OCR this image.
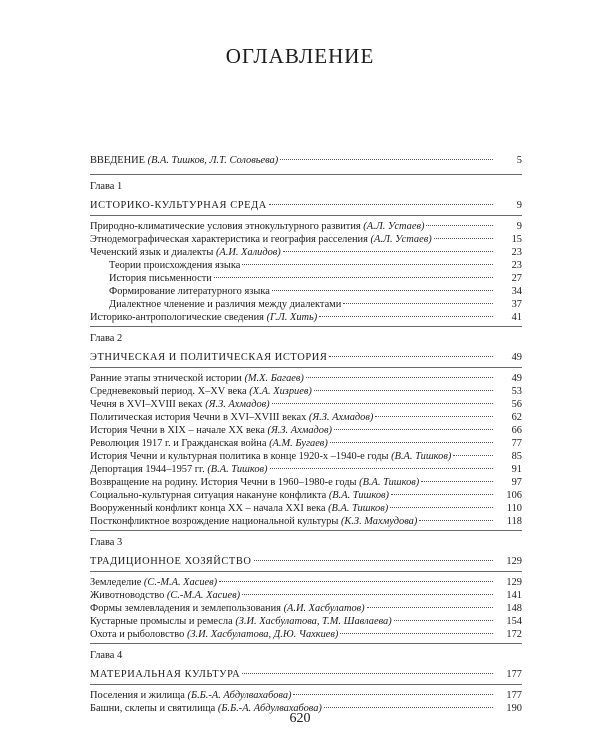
ОГЛАВЛЕНИЕ
ВВЕДЕНИЕ (В.А. Тишков, Л.Т. Соловьева)	5
Глава 1
ИСТОРИКО-КУЛЬТУРНАЯ СРЕДА	9
Природно-климатические условия этнокультурного развития (А.Л. Устаев)	9
Этнодемографическая характеристика и география расселения (А.Л. Устаев)	15
Чеченский язык и диалекты (А.И. Халидов)	23
Теории происхождения языка	23
История письменности	27
Формирование литературного языка	34
Диалектное членение и различия между диалектами	37
Историко-антропологические сведения (Г.Л. Хить)	41
Глава 2
ЭТНИЧЕСКАЯ И ПОЛИТИЧЕСКАЯ ИСТОРИЯ	49
Ранние этапы этнической истории (М.Х. Багаев)	49
Средневековый период. X–XV века (Х.А. Хизриев)	53
Чечня в XVI–XVIII веках (Я.З. Ахмадов)	56
Политическая история Чечни в XVI–XVIII веках (Я.З. Ахмадов)	62
История Чечни в XIX – начале XX века (Я.З. Ахмадов)	66
Революция 1917 г. и Гражданская война (А.М. Бугаев)	77
История Чечни и культурная политика в конце 1920-х –1940-е годы (В.А. Тишков)	85
Депортация 1944–1957 гг. (В.А. Тишков)	91
Возвращение на родину. История Чечни в 1960–1980-е годы (В.А. Тишков)	97
Социально-культурная ситуация накануне конфликта (В.А. Тишков)	106
Вооруженный конфликт конца XX – начала XXI века (В.А. Тишков)	110
Постконфликтное возрождение национальной культуры (К.З. Махмудова)	118
Глава 3
ТРАДИЦИОННОЕ ХОЗЯЙСТВО	129
Земледелие (С.-М.А. Хасиев)	129
Животноводство (С.-М.А. Хасиев)	141
Формы землевладения и землепользования (А.И. Хасбулатов)	148
Кустарные промыслы и ремесла (З.И. Хасбулатова, Т.М. Шавлаева)	154
Охота и рыболовство (З.И. Хасбулатова, Д.Ю. Чахкиев)	172
Глава 4
МАТЕРИАЛЬНАЯ КУЛЬТУРА	177
Поселения и жилища (Б.Б.-А. Абдулвахабова)	177
Башни, склепы и святилища (Б.Б.-А. Абдулвахабова)	190
620
